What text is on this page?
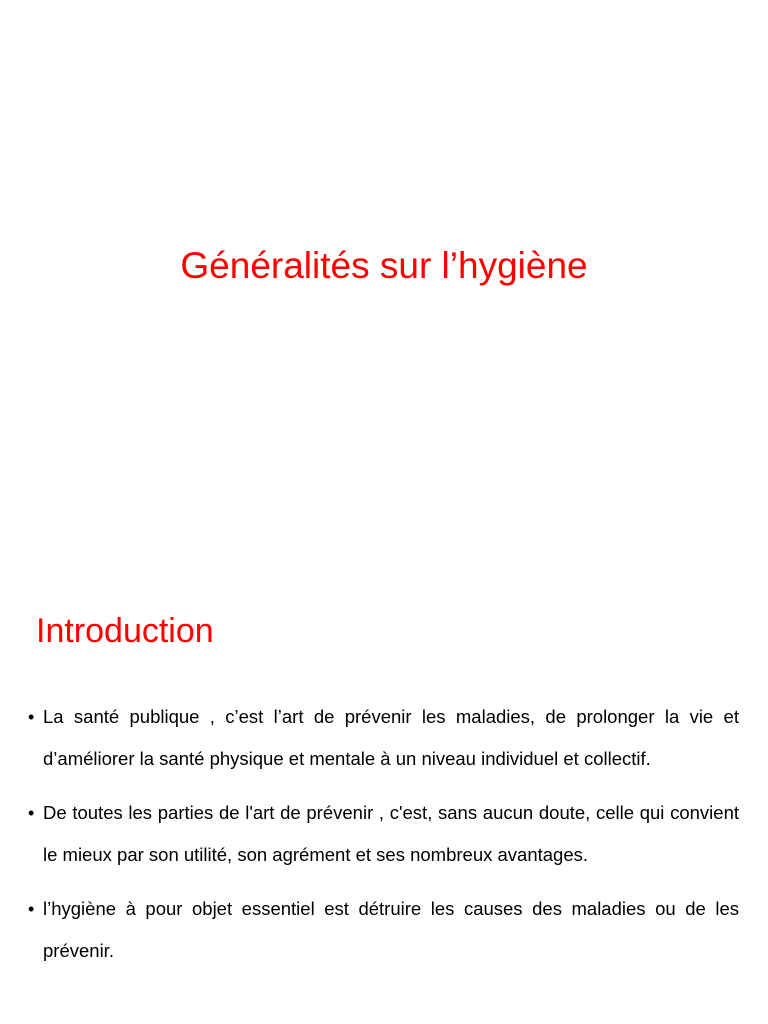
Généralités sur l’hygiène
Introduction
• La santé publique , c’est l’art de prévenir les maladies, de prolonger la vie et d’améliorer la santé physique et mentale à un niveau individuel et collectif.
• De toutes les parties de l'art de prévenir , c'est, sans aucun doute, celle qui convient le mieux par son utilité, son agrément et ses nombreux avantages.
• l’hygiène à pour objet essentiel est détruire les causes des maladies ou de les prévenir.
